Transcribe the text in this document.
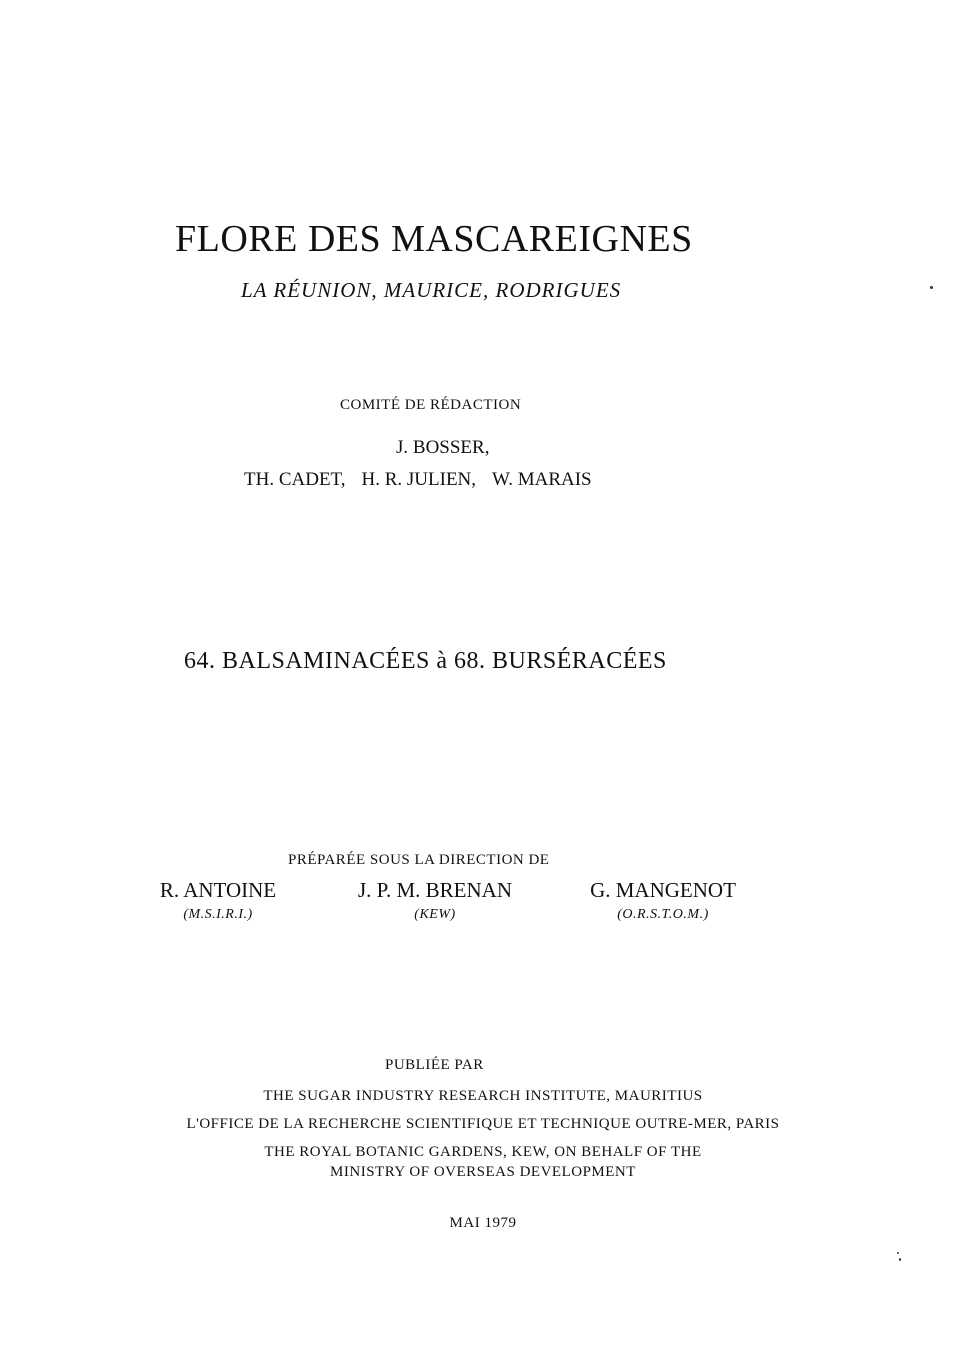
FLORE DES MASCAREIGNES
LA RÉUNION, MAURICE, RODRIGUES
COMITÉ DE RÉDACTION
J. BOSSER,
TH. CADET, H. R. JULIEN, W. MARAIS
64. BALSAMINACÉES à 68. BURSÉRACÉES
PRÉPARÉE SOUS LA DIRECTION DE
R. ANTOINE
(M.S.I.R.I.)
J. P. M. BRENAN
(KEW)
G. MANGENOT
(O.R.S.T.O.M.)
PUBLIÉE PAR
THE SUGAR INDUSTRY RESEARCH INSTITUTE, MAURITIUS
L'OFFICE DE LA RECHERCHE SCIENTIFIQUE ET TECHNIQUE OUTRE-MER, PARIS
THE ROYAL BOTANIC GARDENS, KEW, ON BEHALF OF THE
MINISTRY OF OVERSEAS DEVELOPMENT
MAI 1979
